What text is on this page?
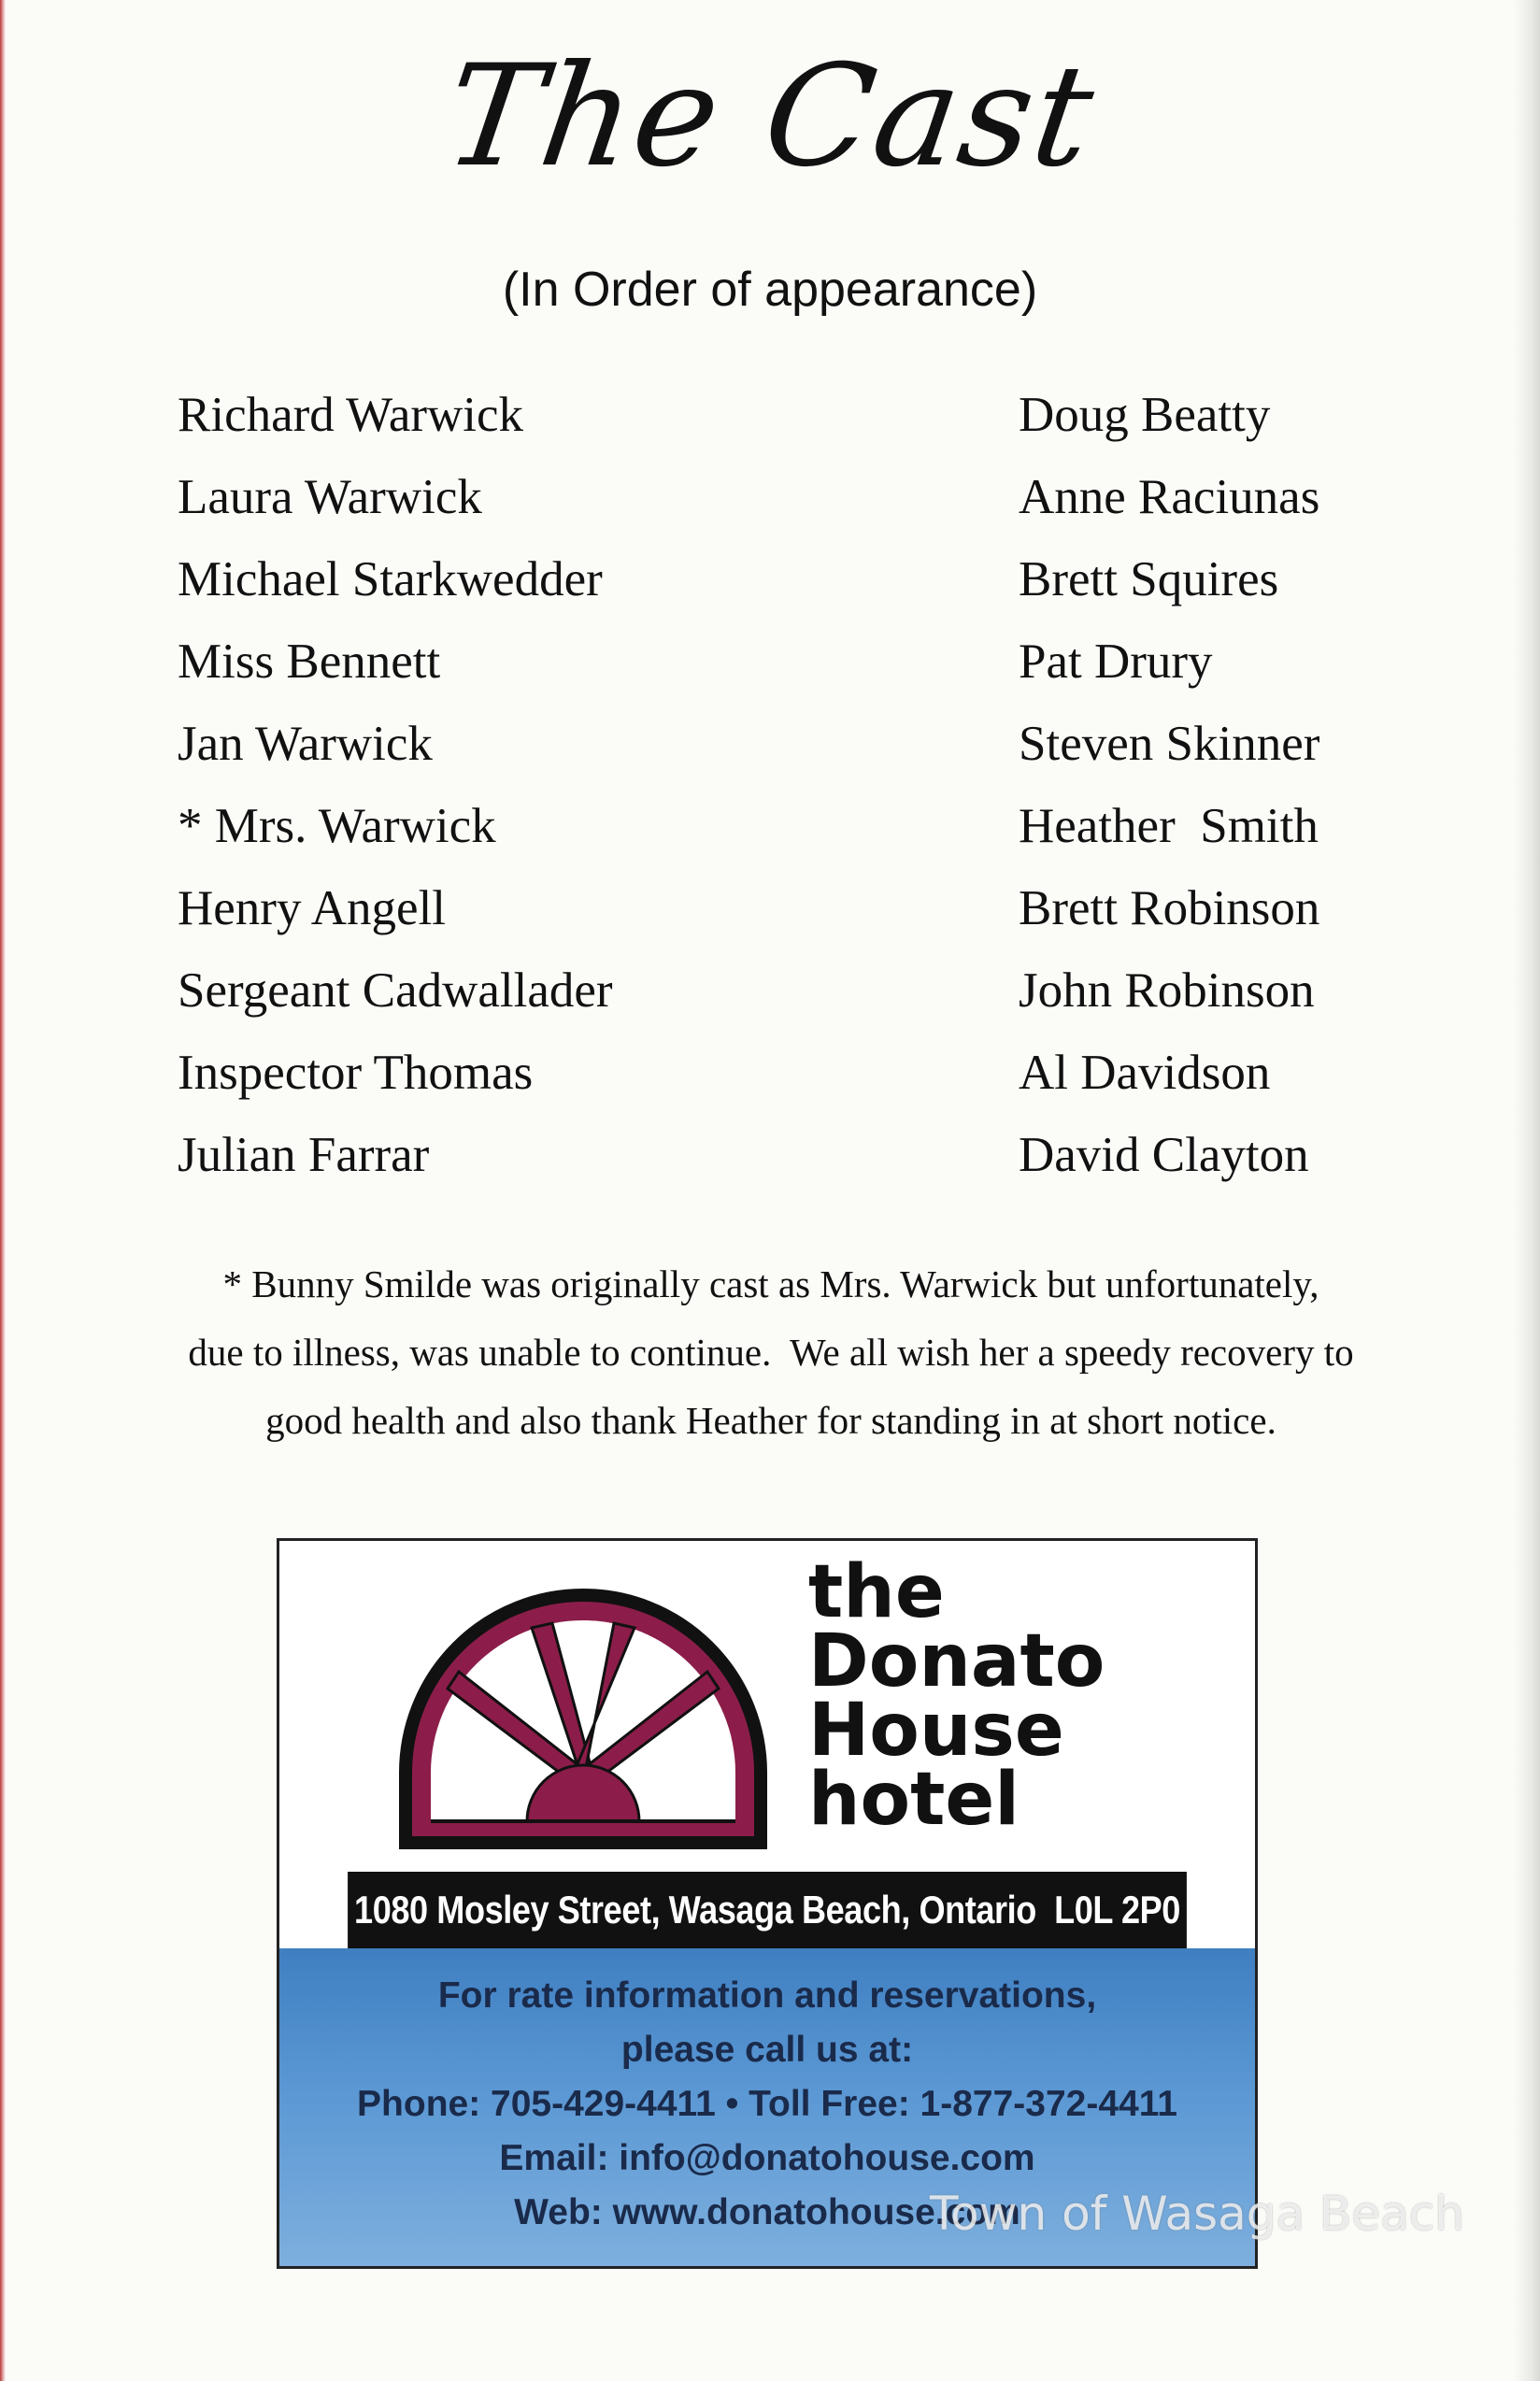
The Cast
(In Order of appearance)
Richard Warwick	Doug Beatty
Laura Warwick	Anne Raciunas
Michael Starkwedder	Brett Squires
Miss Bennett	Pat Drury
Jan Warwick	Steven Skinner
* Mrs. Warwick	Heather  Smith
Henry Angell	Brett Robinson
Sergeant Cadwallader	John Robinson
Inspector Thomas	Al Davidson
Julian Farrar	David Clayton
* Bunny Smilde was originally cast as Mrs. Warwick but unfortunately,
due to illness, was unable to continue.  We all wish her a speedy recovery to
good health and also thank Heather for standing in at short notice.
the
Donato
House
hotel
1080 Mosley Street, Wasaga Beach, Ontario  L0L 2P0
For rate information and reservations,
please call us at:
Phone: 705-429-4411 • Toll Free: 1-877-372-4411
Email: info@donatohouse.com
Web: www.donatohouse.com
Town of Wasaga Beach
